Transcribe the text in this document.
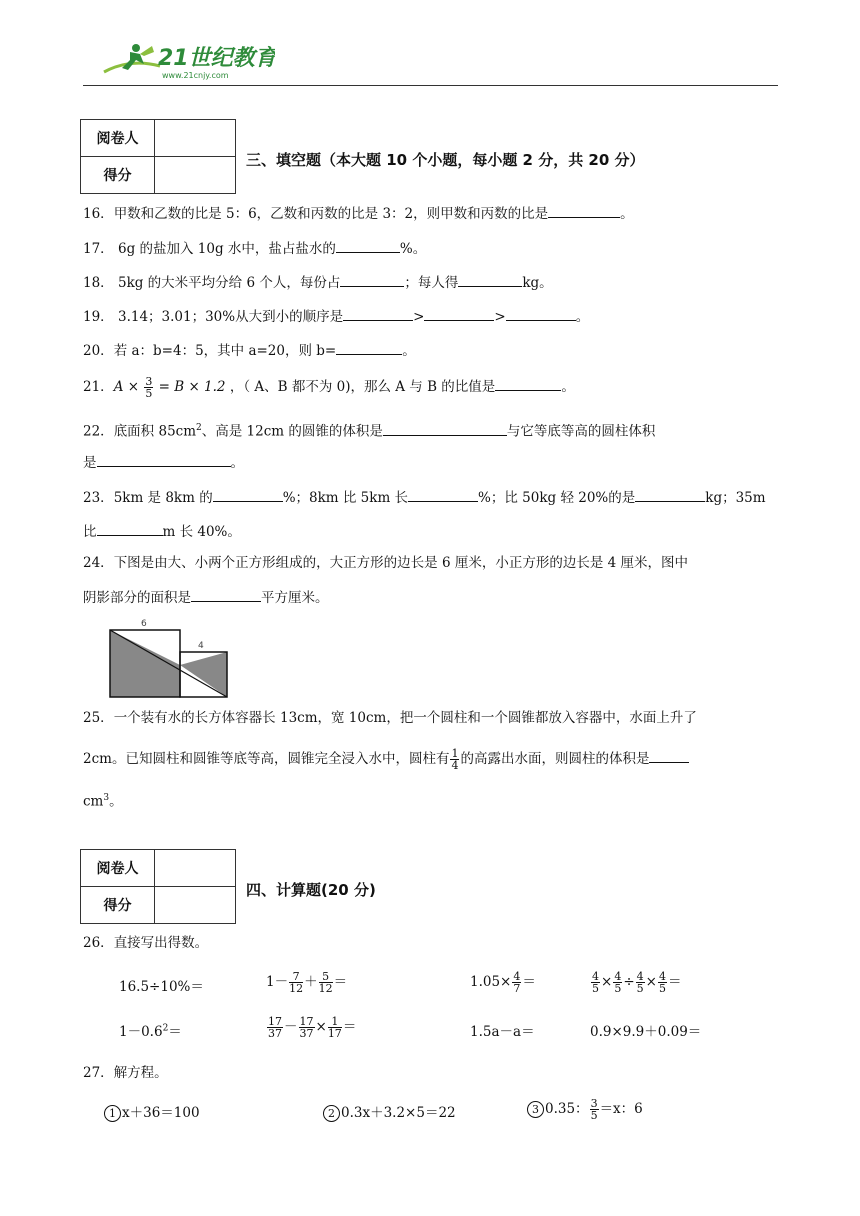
21世纪教育
www.21cnjy.com
阅卷人	
得分	
三、填空题（本大题 10 个小题，每小题 2 分，共 20 分）
16．甲数和乙数的比是 5：6，乙数和丙数的比是 3：2，则甲数和丙数的比是	。
17． 6g 的盐加入 10g 水中，盐占盐水的	%。
18． 5kg 的大米平均分给 6 个人，每份占	；每人得	kg。
19． 3.14；3.01；30%从大到小的顺序是	>	>	。
20．若 a：b=4：5，其中 a=20，则 b=	。
21．$A \times \frac{3}{5} = B \times 1.2$ ，（ A、B 都不为 0)，那么 A 与 B 的比值是	。
22．底面积 $85cm^2$、高是 12cm 的圆锥的体积是	与它等底等高的圆柱体积
是	。
23．5km 是 8km 的	%；8km 比 5km 长	%；比 50kg 轻 20%的是	kg；35m
比	m 长 40%。
24．下图是由大、小两个正方形组成的，大正方形的边长是 6 厘米，小正方形的边长是 4 厘米，图中
阴影部分的面积是	平方厘米。
6
4
25．一个装有水的长方体容器长 13cm，宽 10cm，把一个圆柱和一个圆锥都放入容器中，水面上升了
2cm。已知圆柱和圆锥等底等高，圆锥完全浸入水中，圆柱有 $\frac{1}{4}$ 的高露出水面，则圆柱的体积是
$cm^3$。
阅卷人	
得分	
四、计算题(20 分)
26．直接写出得数。
16.5÷10%＝	$1- \frac{7}{12} + \frac{5}{12}$ ＝	$1.05\times \frac{4}{7}$ ＝	$\frac{4}{5} \times \frac{4}{5} \div \frac{4}{5} \times \frac{4}{5}$ ＝
$1-0.6^2=$	$\frac{17}{37} - \frac{17}{37} \times \frac{1}{17}$ ＝	1.5a－a＝	0.9×9.9＋0.09＝
27．解方程。
1 x＋36＝100	2 0.3x＋3.2×5＝22	3 0.35： $\frac{3}{5} =x$：6
